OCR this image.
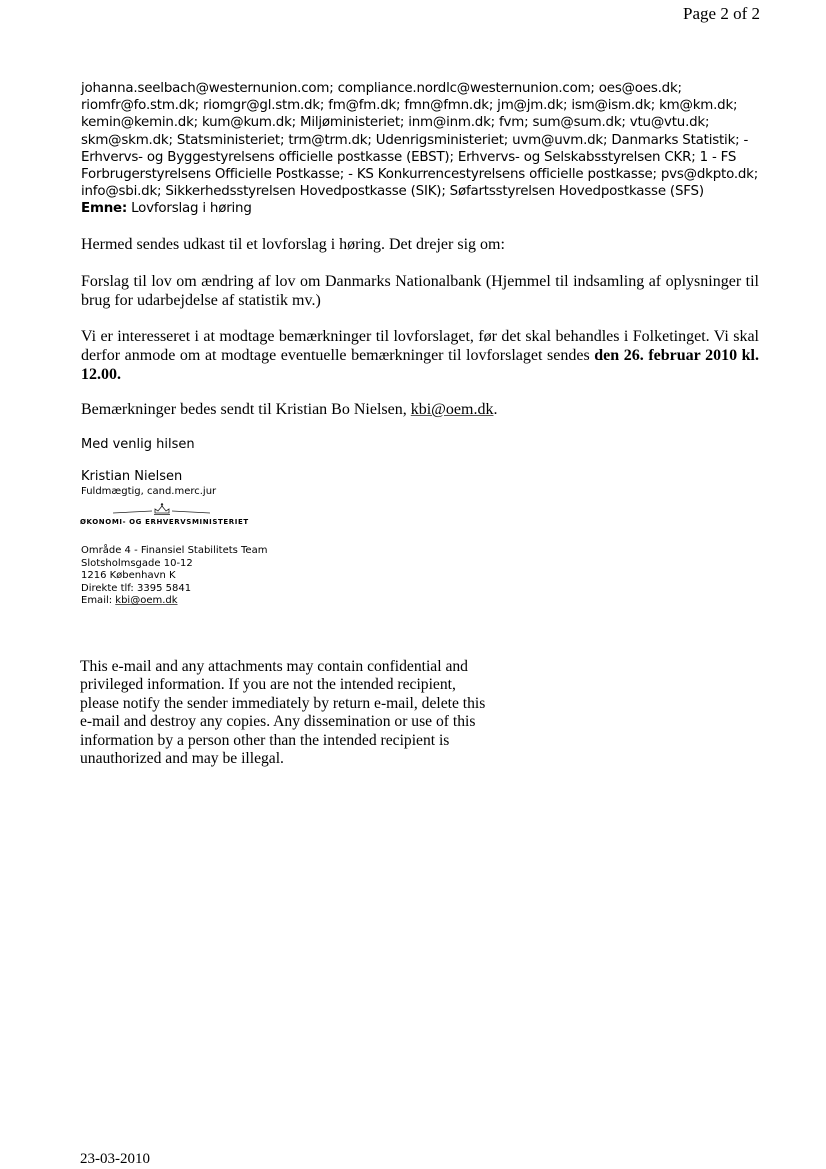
Page 2 of 2
johanna.seelbach@westernunion.com; compliance.nordlc@westernunion.com; oes@oes.dk;
riomfr@fo.stm.dk; riomgr@gl.stm.dk; fm@fm.dk; fmn@fmn.dk; jm@jm.dk; ism@ism.dk; km@km.dk;
kemin@kemin.dk; kum@kum.dk; Miljøministeriet; inm@inm.dk; fvm; sum@sum.dk; vtu@vtu.dk;
skm@skm.dk; Statsministeriet; trm@trm.dk; Udenrigsministeriet; uvm@uvm.dk; Danmarks Statistik; -
Erhvervs- og Byggestyrelsens officielle postkasse (EBST); Erhvervs- og Selskabsstyrelsen CKR; 1 - FS
Forbrugerstyrelsens Officielle Postkasse; - KS Konkurrencestyrelsens officielle postkasse; pvs@dkpto.dk;
info@sbi.dk; Sikkerhedsstyrelsen Hovedpostkasse (SIK); Søfartsstyrelsen Hovedpostkasse (SFS)
Emne: Lovforslag i høring
Hermed sendes udkast til et lovforslag i høring. Det drejer sig om:
Forslag til lov om ændring af lov om Danmarks Nationalbank (Hjemmel til indsamling af oplysninger til brug for udarbejdelse af statistik mv.)
Vi er interesseret i at modtage bemærkninger til lovforslaget, før det skal behandles i Folketinget. Vi skal derfor anmode om at modtage eventuelle bemærkninger til lovforslaget sendes den 26. februar 2010 kl. 12.00.
Bemærkninger bedes sendt til Kristian Bo Nielsen, kbi@oem.dk.
Med venlig hilsen
Kristian Nielsen
Fuldmægtig, cand.merc.jur
ØKONOMI- OG ERHVERVSMINISTERIET
Område 4 - Finansiel Stabilitets Team
Slotsholmsgade 10-12
1216 København K
Direkte tlf: 3395 5841
Email: kbi@oem.dk
This e-mail and any attachments may contain confidential and
privileged information. If you are not the intended recipient,
please notify the sender immediately by return e-mail, delete this
e-mail and destroy any copies. Any dissemination or use of this
information by a person other than the intended recipient is
unauthorized and may be illegal.
23-03-2010
